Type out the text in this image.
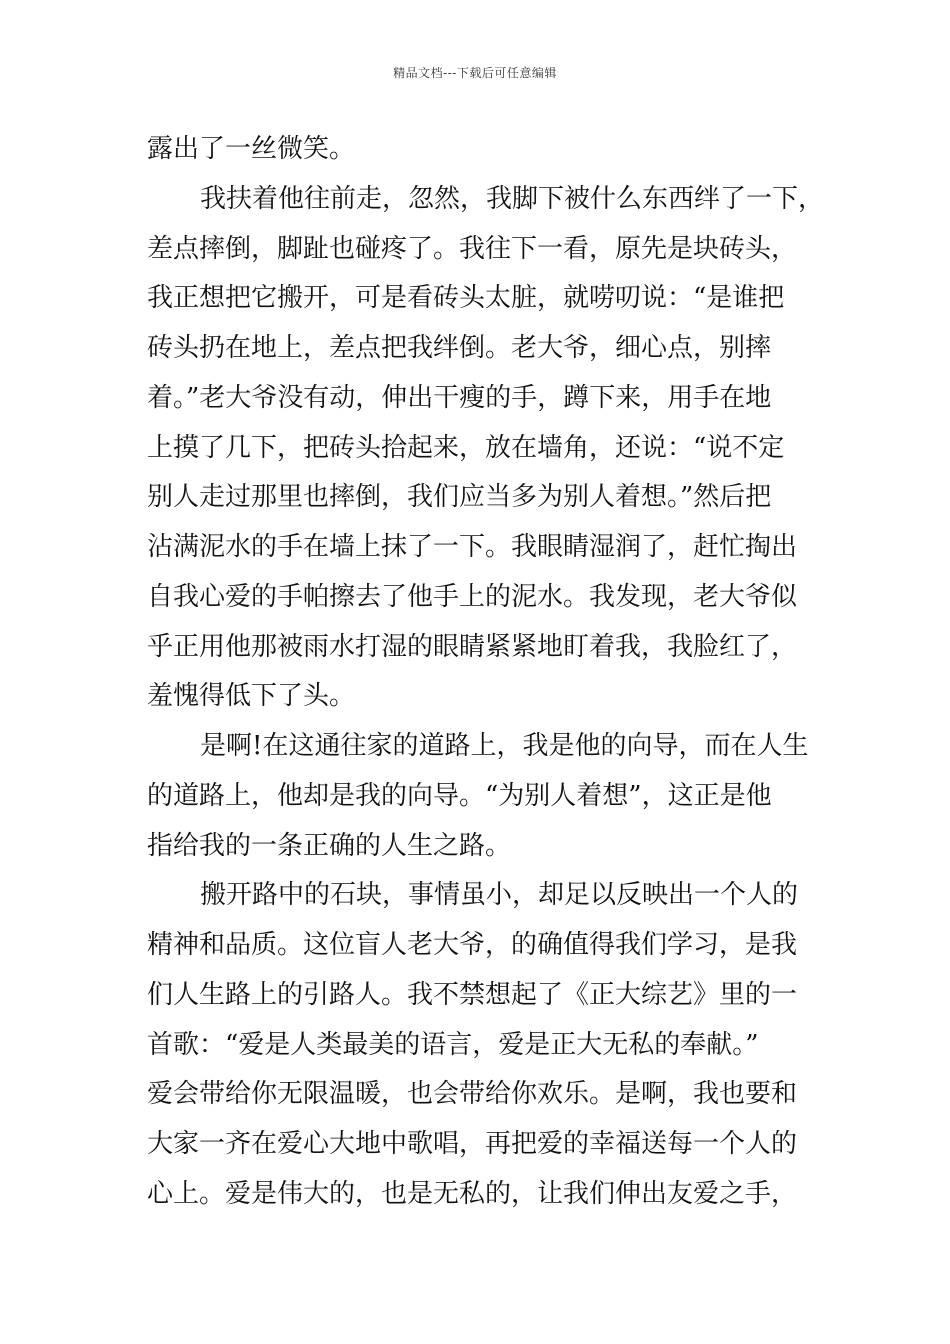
精品文档---下载后可任意编辑
露出了一丝微笑。
我扶着他往前走，忽然，我脚下被什么东西绊了一下，
差点摔倒，脚趾也碰疼了。我往下一看，原先是块砖头，
我正想把它搬开，可是看砖头太脏，就唠叨说：“是谁把
砖头扔在地上，差点把我绊倒。老大爷，细心点，别摔
着。”老大爷没有动，伸出干瘦的手，蹲下来，用手在地
上摸了几下，把砖头拾起来，放在墙角，还说：“说不定
别人走过那里也摔倒，我们应当多为别人着想。”然后把
沾满泥水的手在墙上抹了一下。我眼睛湿润了，赶忙掏出
自我心爱的手帕擦去了他手上的泥水。我发现，老大爷似
乎正用他那被雨水打湿的眼睛紧紧地盯着我，我脸红了，
羞愧得低下了头。
是啊!在这通往家的道路上，我是他的向导，而在人生
的道路上，他却是我的向导。“为别人着想”，这正是他
指给我的一条正确的人生之路。
搬开路中的石块，事情虽小，却足以反映出一个人的
精神和品质。这位盲人老大爷，的确值得我们学习，是我
们人生路上的引路人。我不禁想起了《正大综艺》里的一
首歌：“爱是人类最美的语言，爱是正大无私的奉献。”
爱会带给你无限温暖，也会带给你欢乐。是啊，我也要和
大家一齐在爱心大地中歌唱，再把爱的幸福送每一个人的
心上。爱是伟大的，也是无私的，让我们伸出友爱之手，
